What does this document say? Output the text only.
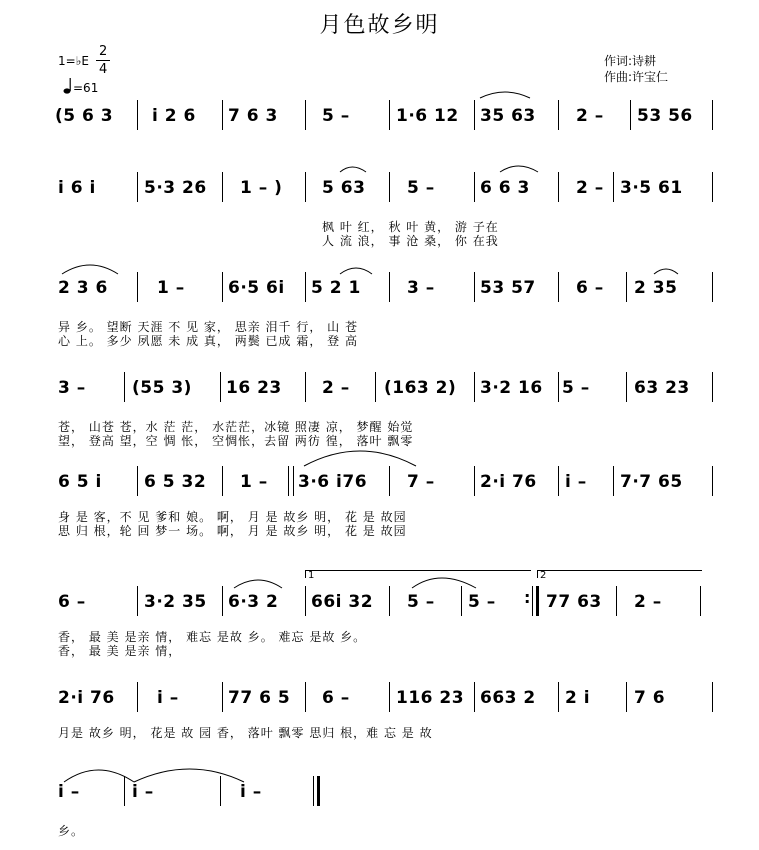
月色故乡明
作词:诗耕
作曲:许宝仁
1=♭E
2
4
=61
(5 6 3 i 2 6 7 6 3	5 –	1·6 12 35 63 2 – 53 56
i 6 i	5·3 26 1 – ) 5 63 5 –	6 6 3	2 – 3·5 61
枫 叶 红， 秋 叶 黄， 游 子在
人 流 浪， 事 沧 桑， 你 在我
2 3 6	1 –	6·5 6i 5 2 1	3 –	53 57 6 – 2 35
异 乡。 望断 天涯 不 见 家， 思亲 泪千 行， 山 苍
心 上。 多少 夙愿 未 成 真， 两鬓 已成 霜， 登 高
3 –	(55 3) 16 23 2 – (163 2) 3·2 16 5 –	63 23
苍， 山苍 苍，水 茫 茫， 水茫茫，冰镜 照凄 凉， 梦醒 始觉
望， 登高 望，空 惆 怅， 空惆怅，去留 两彷 徨， 落叶 飘零
6 5 i 6 5 32 1 – 3·6 i76 7 –	2·i 76 i – 7·7 65
身 是 客，不 见 爹和 娘。 啊， 月 是 故乡 明， 花 是 故园
思 归 根，轮 回 梦一 场。 啊， 月 是 故乡 明， 花 是 故园
1	2
6 –	3·2 35 6·3 2 66i 32 5 – 5 – : 77 63 2 –
香， 最 美 是亲 情， 难忘 是故 乡。 难忘 是故 乡。
香， 最 美 是亲 情，
2·i 76 i –	77 6 5 6 –	116 23 663 2 2 i	7 6
月是 故乡 明， 花是 故 园 香， 落叶 飘零 思归 根，难 忘 是 故
i –	i –	i –
乡。
